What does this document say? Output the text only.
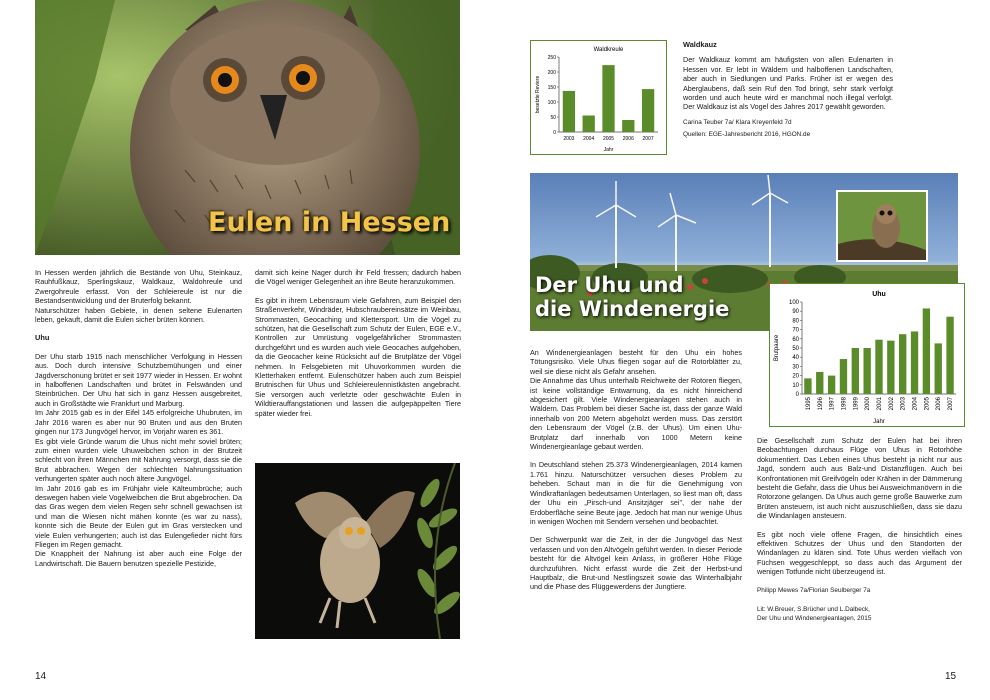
Eulen in Hessen

In Hessen werden jährlich die Bestände von Uhu, Steinkauz, Rauhfußkauz, Sperlingskauz, Waldkauz, Waldohreule und Zwergohreule erfasst. Von der Schleiereule ist nur die Bestandsentwicklung und der Bruterfolg bekannt.

Naturschützer haben Gebiete, in denen seltene Eulenarten leben, gekauft, damit die Eulen sicher brüten können.

Uhu

Der Uhu starb 1915 nach menschlicher Verfolgung in Hessen aus. Doch durch intensive Schutzbemühungen und einer Jagdverschonung brütet er seit 1977 wieder in Hessen. Er wohnt in halboffenen Landschaften und brütet in Felswänden und Steinbrüchen. Der Uhu hat sich in ganz Hessen ausgebreitet, auch in Großstädte wie Frankfurt und Marburg.

Im Jahr 2015 gab es in der Eifel 145 erfolgreiche Uhubruten, im Jahr 2016 waren es aber nur 90 Bruten und aus den Bruten gingen nur 173 Jungvögel hervor, im Vorjahr waren es 361.

Es gibt viele Gründe warum die Uhus nicht mehr soviel brüten; zum einen wurden viele Uhuweibchen schon in der Brutzeit schlecht von ihren Männchen mit Nahrung versorgt, dass sie die Brut abbrachen. Wegen der schlechten Nahrungssituation verhungerten später auch noch ältere Jungvögel.

Im Jahr 2016 gab es im Frühjahr viele Kälteumbrüche; auch deswegen haben viele Vogelweibchen die Brut abgebrochen. Da das Gras wegen dem vielen Regen sehr schnell gewachsen ist und man die Wiesen nicht mähen konnte (es war zu nass), konnte sich die Beute der Eulen gut im Gras verstecken und viele Eulen verhungerten; auch ist das Eulengefieder nicht fürs Fliegen im Regen gemacht.

Die Knappheit der Nahrung ist aber auch eine Folge der Landwirtschaft. Die Bauern benutzen spezielle Pestizide,

damit sich keine Nager durch ihr Feld fressen; dadurch haben die Vögel weniger Gelegenheit an ihre Beute heranzukommen.

Es gibt in ihrem Lebensraum viele Gefahren, zum Beispiel den Straßenverkehr, Windräder, Hubschraubereinsätze im Weinbau, Strommasten, Geocaching und Klettersport. Um die Vögel zu schützen, hat die Gesellschaft zum Schutz der Eulen, EGE e.V., Kontrollen zur Umrüstung vogelgefährlicher Strommasten durchgeführt und es wurden auch viele Geocaches aufgehoben, da die Geocacher keine Rücksicht auf die Brutplätze der Vögel nehmen. In Felsgebieten mit Uhuvorkommen wurden die Kletterhaken entfernt. Eulenschützer haben auch zum Beispiel Brutnischen für Uhus und Schleiereulennistkästen angebracht. Sie versorgen auch verletzte oder geschwächte Eulen in Wildtierauffangstationen und lassen die aufgepäppelten Tiere später wieder frei.

14
Waldkreule
0
50
100
150
200
250
2003 2004 2005 2006 2007
besetzte Reviere
Jahr
Waldkauz

Der Waldkauz kommt am häufigsten von allen Eulenarten in Hessen vor. Er lebt in Wäldern und halboffenen Landschaften, aber auch in Siedlungen und Parks. Früher ist er wegen des Aberglaubens, daß sein Ruf den Tod bringt, sehr stark verfolgt worden und auch heute wird er manchmal noch illegal verfolgt. Der Waldkauz ist als Vogel des Jahres 2017 gewählt geworden.

Carina Teuber 7a/ Klara Kreyenfeld 7d
Quellen: EGE-Jahresbericht 2016, HGON.de
Der Uhu und
die Windenergie
Uhu
0
10
20
30
40
50
60
70
80
90
100
1995 1996 1997 1998 1999 2000 2001 2002 2003 2004 2005 2006 2007
Brutpaare
Jahr

An Windenergieanlagen besteht für den Uhu ein hohes Tötungsrisiko. Viele Uhus fliegen sogar auf die Rotorblätter zu, weil sie diese nicht als Gefahr ansehen.

Die Annahme das Uhus unterhalb Reichweite der Rotoren fliegen, ist keine vollständige Entwarnung, da es nicht hinreichend abgesichert gilt. Viele Windenergieanlagen stehen auch in Wäldern. Das Problem bei dieser Sache ist, dass der ganze Wald innerhalb von 200 Metern abgeholzt werden muss. Das zerstört den Lebensraum der Vögel (z.B. der Uhus). Um einen Uhu-Brutplatz darf innerhalb von 1000 Metern keine Windenergieanlage gebaut werden.

In Deutschland stehen 25.373 Windenergieanlagen, 2014 kamen 1.761 hinzu. Naturschützer versuchen dieses Problem zu beheben. Schaut man in die für die Genehmigung von Windkraftanlagen bedeutsamen Unterlagen, so liest man oft, dass der Uhu ein „Pirsch-und Ansitzjäger sei", der nahe der Erdoberfläche seine Beute jage. Jedoch hat man nur wenige Uhus in wenigen Wochen mit Sendern versehen und beobachtet.

Der Schwerpunkt war die Zeit, in der die Jungvögel das Nest verlassen und von den Altvögeln geführt werden. In dieser Periode besteht für die Altvögel kein Anlass, in größerer Höhe Flüge durchzuführen. Nicht erfasst wurde die Zeit der Herbst-und Hauptbalz, die Brut-und Nestlingszeit sowie das Winterhalbjahr und die Phase des Flüggewerdens der Jungtiere.

Die Gesellschaft zum Schutz der Eulen hat bei ihren Beobachtungen durchaus Flüge von Uhus in Rotorhöhe dokumentiert. Das Leben eines Uhus besteht ja nicht nur aus Jagd, sondern auch aus Balz-und Distanzflügen. Auch bei Konfrontationen mit Greifvögeln oder Krähen in der Dämmerung besteht die Gefahr, dass die Uhus bei Ausweichmanövern in die Rotorzone gelangen. Da Uhus auch gerne große Bauwerke zum Brüten ansteuern, ist auch nicht auszuschließen, dass sie dazu die Windanlagen ansteuern.

Es gibt noch viele offene Fragen, die hinsichtlich eines effektiven Schutzes der Uhus und den Standorten der Windanlagen zu klären sind. Tote Uhus werden vielfach von Füchsen weggeschleppt, so dass auch das Argument der wenigen Totfunde nicht überzeugend ist.

Philipp Mewes 7a/Florian Seulberger 7a
Lit: W.Breuer, S.Brücher und L.Dalbeck,
Der Uhu und Windenergieanlagen, 2015
15
